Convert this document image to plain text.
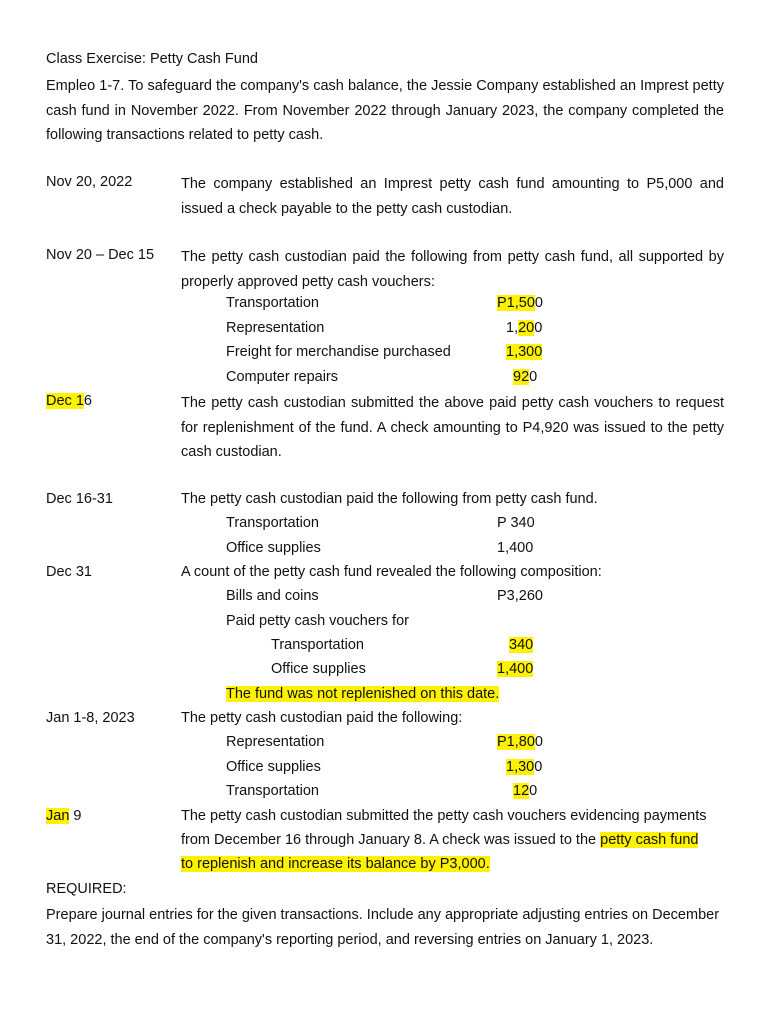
Class Exercise: Petty Cash Fund
Empleo 1-7. To safeguard the company's cash balance, the Jessie Company established an Imprest petty cash fund in November 2022. From November 2022 through January 2023, the company completed the following transactions related to petty cash.
Nov 20, 2022	The company established an Imprest petty cash fund amounting to P5,000 and issued a check payable to the petty cash custodian.
Nov 20 – Dec 15 The petty cash custodian paid the following from petty cash fund, all supported by properly approved petty cash vouchers:
Transportation	P1,500
Representation	1,200
Freight for merchandise purchased	1,300
Computer repairs	920
Dec 16	The petty cash custodian submitted the above paid petty cash vouchers to request for replenishment of the fund. A check amounting to P4,920 was issued to the petty cash custodian.
Dec 16-31	The petty cash custodian paid the following from petty cash fund.
Transportation	P 340
Office supplies	1,400
Dec 31	A count of the petty cash fund revealed the following composition:
Bills and coins	P3,260
Paid petty cash vouchers for
Transportation	340
Office supplies	1,400
The fund was not replenished on this date.
Jan 1-8, 2023	The petty cash custodian paid the following:
Representation	P1,800
Office supplies	1,300
Transportation	120
Jan 9	The petty cash custodian submitted the petty cash vouchers evidencing payments
from December 16 through January 8. A check was issued to the petty cash fund
to replenish and increase its balance by P3,000.
REQUIRED:
Prepare journal entries for the given transactions. Include any appropriate adjusting entries on December 31, 2022, the end of the company's reporting period, and reversing entries on January 1, 2023.
